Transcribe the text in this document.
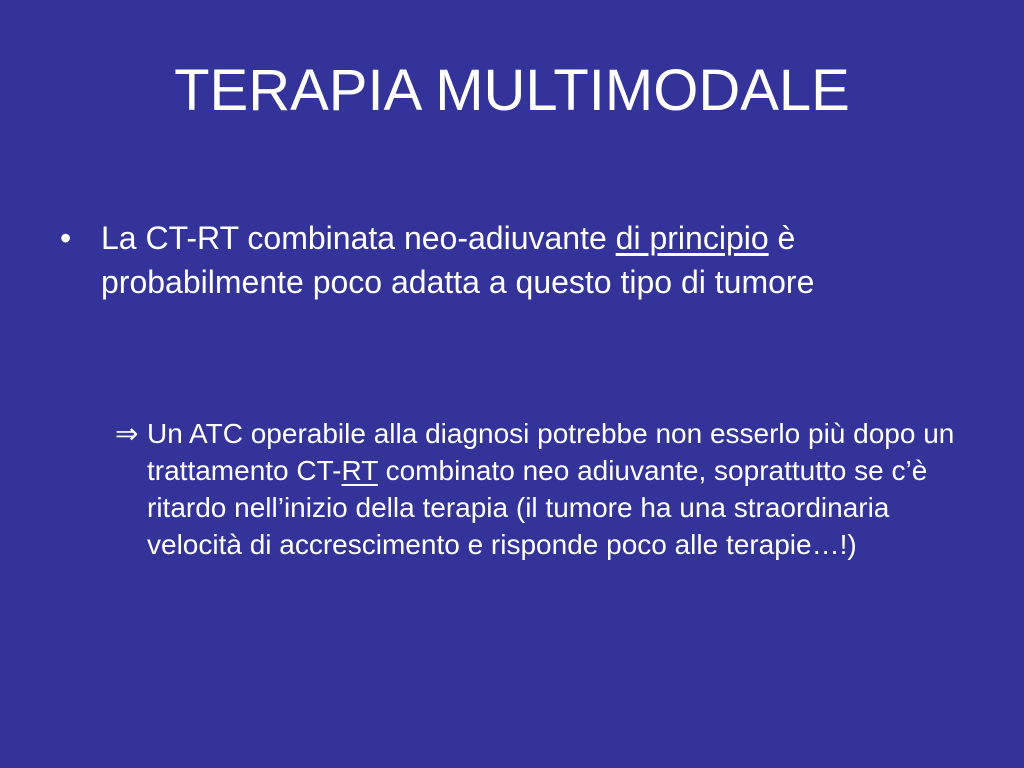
TERAPIA MULTIMODALE
• La CT-RT combinata neo-adiuvante di principio è probabilmente poco adatta a questo tipo di tumore
⇒ Un ATC operabile alla diagnosi potrebbe non esserlo più dopo un trattamento CT-RT combinato neo adiuvante, soprattutto se c’è ritardo nell’inizio della terapia (il tumore ha una straordinaria velocità di accrescimento e risponde poco alle terapie…!)
